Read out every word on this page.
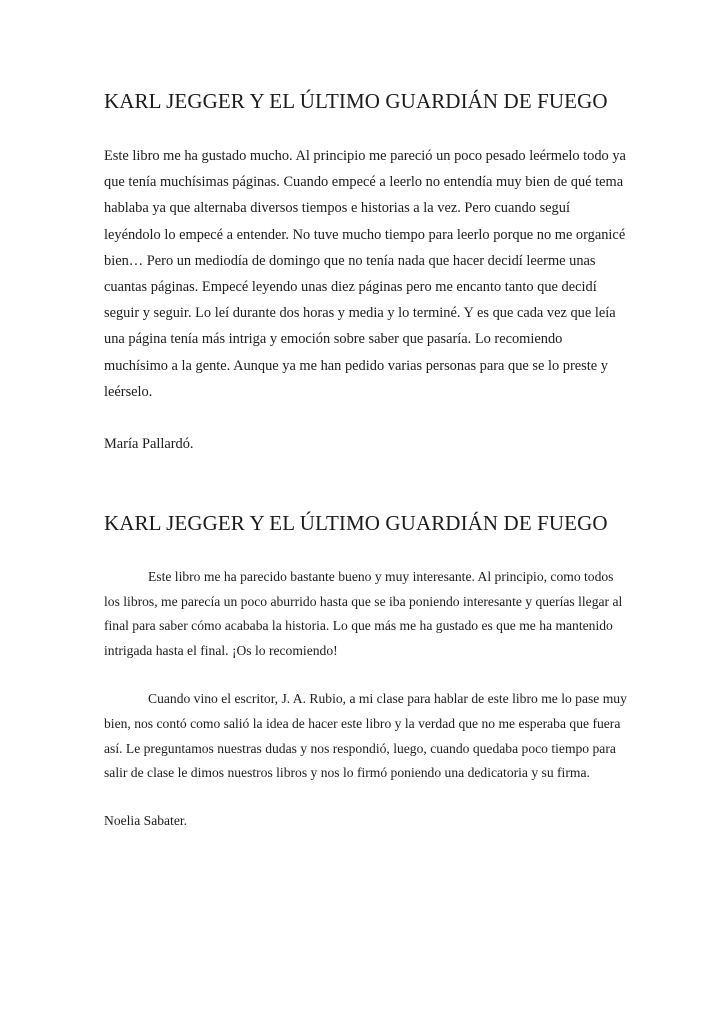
KARL JEGGER Y EL ÚLTIMO GUARDIÁN DE FUEGO

Este libro me ha gustado mucho. Al principio me pareció un poco pesado leérmelo todo ya que tenía muchísimas páginas. Cuando empecé a leerlo no entendía muy bien de qué tema hablaba ya que alternaba diversos tiempos e historias a la vez. Pero cuando seguí leyéndolo lo empecé a entender. No tuve mucho tiempo para leerlo porque no me organicé bien… Pero un mediodía de domingo que no tenía nada que hacer decidí leerme unas cuantas páginas. Empecé leyendo unas diez páginas pero me encanto tanto que decidí seguir y seguir. Lo leí durante dos horas y media y lo terminé. Y es que cada vez que leía una página tenía más intriga y emoción sobre saber que pasaría. Lo recomiendo muchísimo a la gente. Aunque ya me han pedido varias personas para que se lo preste y leérselo.

María Pallardó.

KARL JEGGER Y EL ÚLTIMO GUARDIÁN DE FUEGO

Este libro me ha parecido bastante bueno y muy interesante. Al principio, como todos los libros, me parecía un poco aburrido hasta que se iba poniendo interesante y querías llegar al final para saber cómo acababa la historia. Lo que más me ha gustado es que me ha mantenido intrigada hasta el final. ¡Os lo recomiendo!

Cuando vino el escritor, J. A. Rubio, a mi clase para hablar de este libro me lo pase muy bien, nos contó como salió la idea de hacer este libro y la verdad que no me esperaba que fuera así. Le preguntamos nuestras dudas y nos respondió, luego, cuando quedaba poco tiempo para salir de clase le dimos nuestros libros y nos lo firmó poniendo una dedicatoria y su firma.

Noelia Sabater.
